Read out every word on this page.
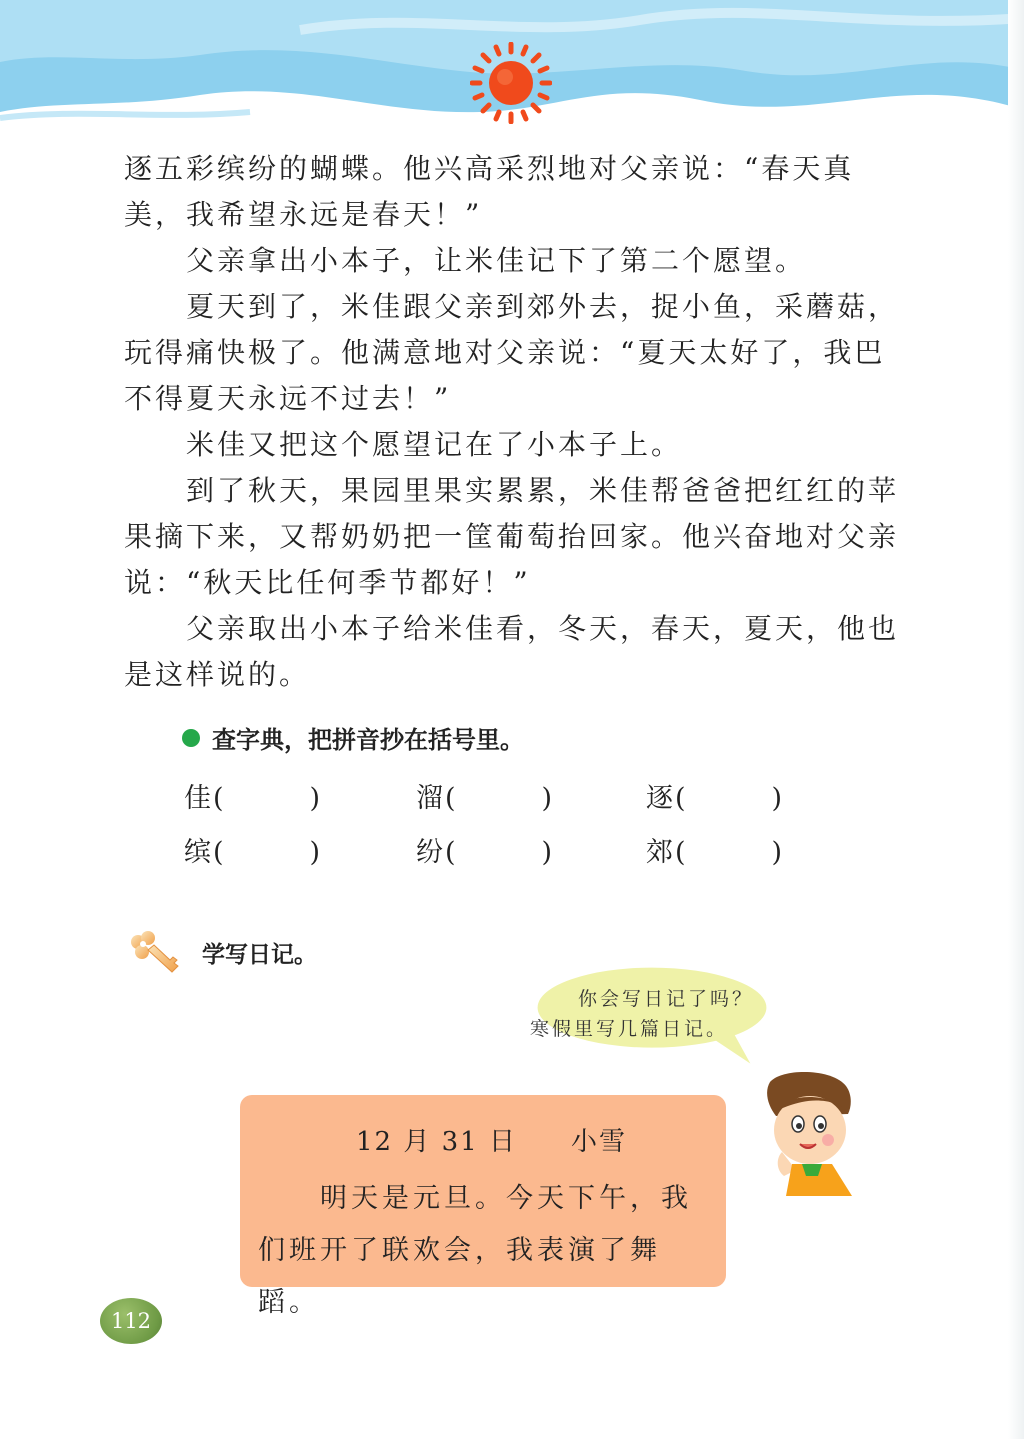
逐五彩缤纷的蝴蝶。他兴高采烈地对父亲说：“春天真美，我希望永远是春天！”

父亲拿出小本子，让米佳记下了第二个愿望。

夏天到了，米佳跟父亲到郊外去，捉小鱼，采蘑菇，玩得痛快极了。他满意地对父亲说：“夏天太好了，我巴不得夏天永远不过去！”

米佳又把这个愿望记在了小本子上。

到了秋天，果园里果实累累，米佳帮爸爸把红红的苹果摘下来，又帮奶奶把一筐葡萄抬回家。他兴奋地对父亲说：“秋天比任何季节都好！”

父亲取出小本子给米佳看，冬天，春天，夏天，他也是这样说的。

查字典，把拼音抄在括号里。
佳(	)	溜(	)	逐(	)
缤(	)	纷(	)	郊(	)
学写日记。
你会写日记了吗？
寒假里写几篇日记。
12 月 31 日 小雪
明天是元旦。今天下午，我
们班开了联欢会，我表演了舞蹈。
112
